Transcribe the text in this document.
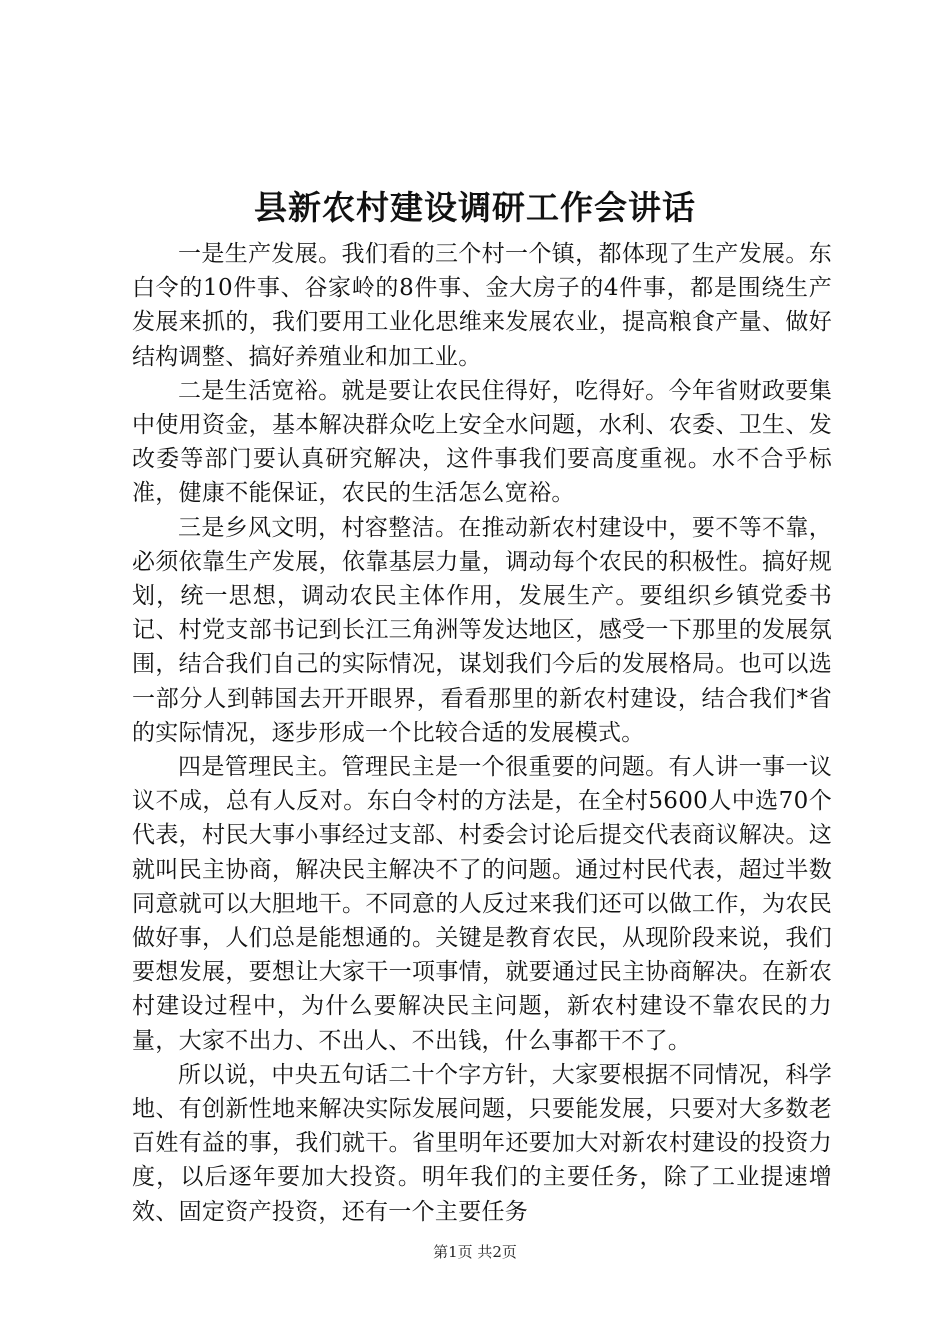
县新农村建设调研工作会讲话

一是生产发展。我们看的三个村一个镇，都体现了生产发展。东白令的10件事、谷家岭的8件事、金大房子的4件事，都是围绕生产发展来抓的，我们要用工业化思维来发展农业，提高粮食产量、做好结构调整、搞好养殖业和加工业。

二是生活宽裕。就是要让农民住得好，吃得好。今年省财政要集中使用资金，基本解决群众吃上安全水问题，水利、农委、卫生、发改委等部门要认真研究解决，这件事我们要高度重视。水不合乎标准，健康不能保证，农民的生活怎么宽裕。

三是乡风文明，村容整洁。在推动新农村建设中，要不等不靠，必须依靠生产发展，依靠基层力量，调动每个农民的积极性。搞好规划，统一思想，调动农民主体作用，发展生产。要组织乡镇党委书记、村党支部书记到长江三角洲等发达地区，感受一下那里的发展氛围，结合我们自己的实际情况，谋划我们今后的发展格局。也可以选一部分人到韩国去开开眼界，看看那里的新农村建设，结合我们*省的实际情况，逐步形成一个比较合适的发展模式。

四是管理民主。管理民主是一个很重要的问题。有人讲一事一议议不成，总有人反对。东白令村的方法是，在全村5600人中选70个代表，村民大事小事经过支部、村委会讨论后提交代表商议解决。这就叫民主协商，解决民主解决不了的问题。通过村民代表，超过半数同意就可以大胆地干。不同意的人反过来我们还可以做工作，为农民做好事，人们总是能想通的。关键是教育农民，从现阶段来说，我们要想发展，要想让大家干一项事情，就要通过民主协商解决。在新农村建设过程中，为什么要解决民主问题，新农村建设不靠农民的力量，大家不出力、不出人、不出钱，什么事都干不了。

所以说，中央五句话二十个字方针，大家要根据不同情况，科学地、有创新性地来解决实际发展问题，只要能发展，只要对大多数老百姓有益的事，我们就干。省里明年还要加大对新农村建设的投资力度，以后逐年要加大投资。明年我们的主要任务，除了工业提速增效、固定资产投资，还有一个主要任务

第1页 共2页
